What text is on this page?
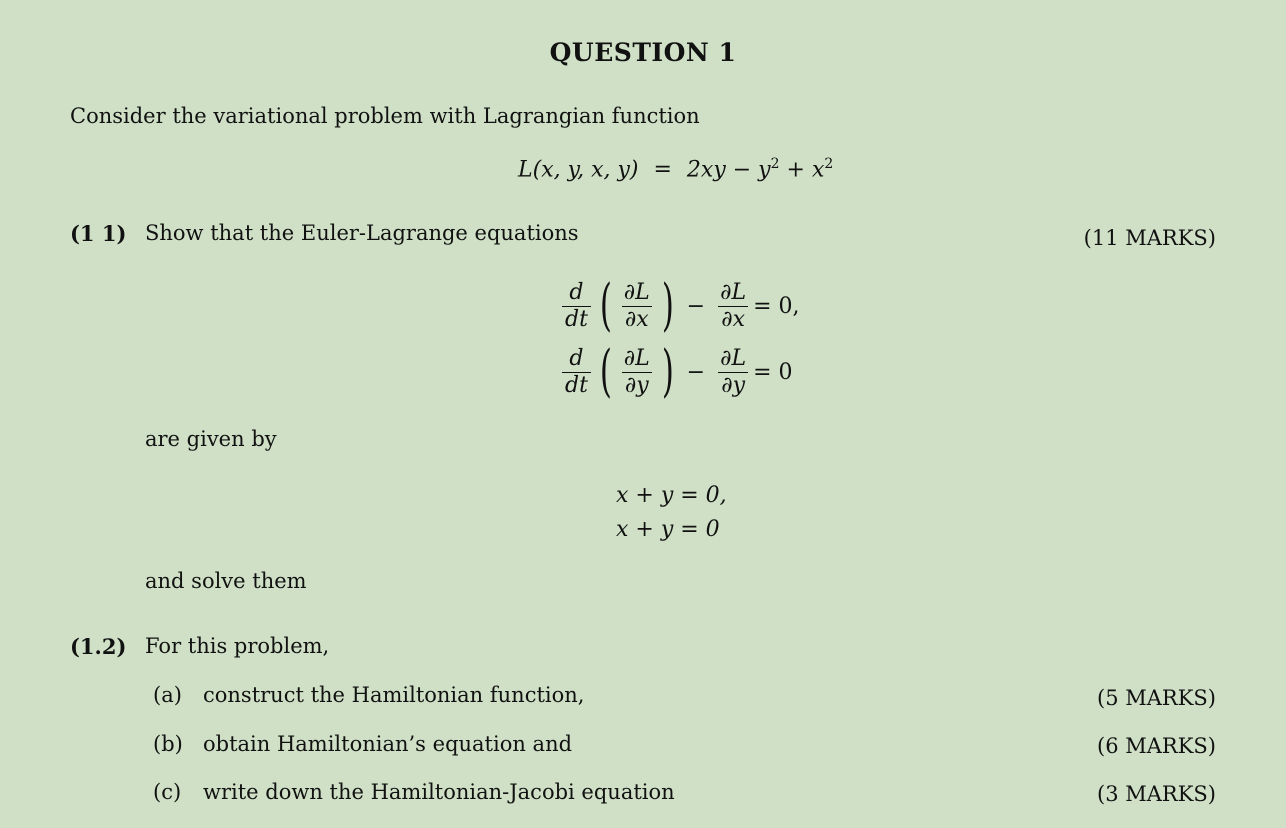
QUESTION 1
Consider the variational problem with Lagrangian function
L(x, y, x, $y) = 2xy - y^2 + x^2$
(1 1) Show that the Euler-Lagrange equations	(11 MARKS)
$\frac{d}{dt}$ ( $\frac{\partial L}{\partial x}$ ) − $\frac{\partial L}{\partial x} = 0$,
$\frac{d}{dt}$ ( $\frac{\partial L}{\partial y}$ ) − $\frac{\partial L}{\partial y} = 0$
are given by
x + y = 0,
x + y = 0
and solve them
(1.2) For this problem,
(a) construct the Hamiltonian function,	(5 MARKS)
(b) obtain Hamiltonian’s equation and	(6 MARKS)
(c) write down the Hamiltonian-Jacobi equation	(3 MARKS)
